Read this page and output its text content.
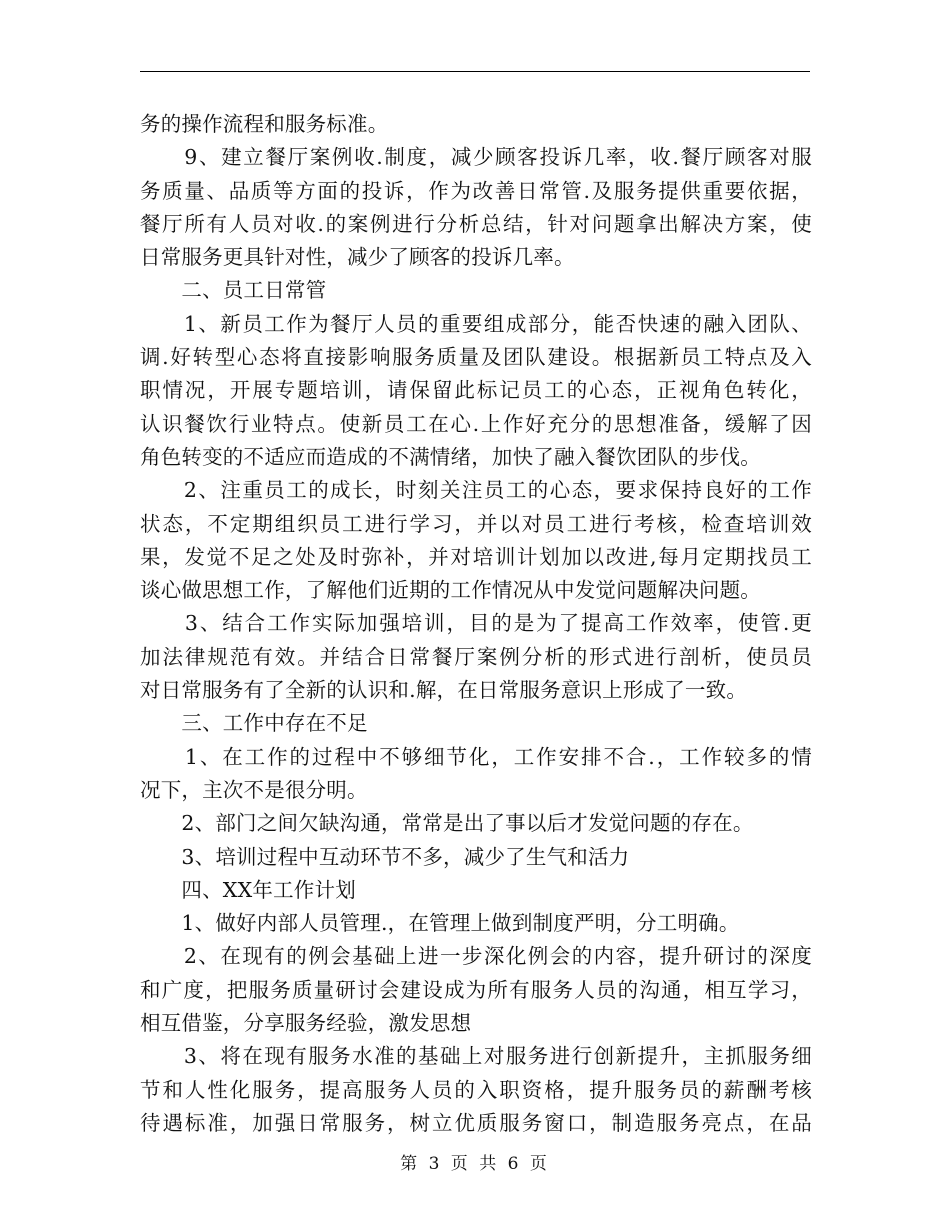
务的操作流程和服务标准。
　　9、建立餐厅案例收.制度，减少顾客投诉几率，收.餐厅顾客对服
务质量、品质等方面的投诉，作为改善日常管.及服务提供重要依据，
餐厅所有人员对收.的案例进行分析总结，针对问题拿出解决方案，使
日常服务更具针对性，减少了顾客的投诉几率。
　　二、员工日常管
　　1、新员工作为餐厅人员的重要组成部分，能否快速的融入团队、
调.好转型心态将直接影响服务质量及团队建设。根据新员工特点及入
职情况，开展专题培训，请保留此标记员工的心态，正视角色转化，
认识餐饮行业特点。使新员工在心.上作好充分的思想准备，缓解了因
角色转变的不适应而造成的不满情绪，加快了融入餐饮团队的步伐。
　　2、注重员工的成长，时刻关注员工的心态，要求保持良好的工作
状态，不定期组织员工进行学习，并以对员工进行考核，检查培训效
果，发觉不足之处及时弥补，并对培训计划加以改进,每月定期找员工
谈心做思想工作，了解他们近期的工作情况从中发觉问题解决问题。
　　3、结合工作实际加强培训，目的是为了提高工作效率，使管.更
加法律规范有效。并结合日常餐厅案例分析的形式进行剖析，使员员
对日常服务有了全新的认识和.解，在日常服务意识上形成了一致。
　　三、工作中存在不足
　　1、在工作的过程中不够细节化，工作安排不合.，工作较多的情
况下，主次不是很分明。
　　2、部门之间欠缺沟通，常常是出了事以后才发觉问题的存在。
　　3、培训过程中互动环节不多，减少了生气和活力
　　四、XX年工作计划
　　1、做好内部人员管理.，在管理上做到制度严明，分工明确。
　　2、在现有的例会基础上进一步深化例会的内容，提升研讨的深度
和广度，把服务质量研讨会建设成为所有服务人员的沟通，相互学习，
相互借鉴，分享服务经验，激发思想
　　3、将在现有服务水准的基础上对服务进行创新提升，主抓服务细
节和人性化服务，提高服务人员的入职资格，提升服务员的薪酬考核
待遇标准，加强日常服务，树立优质服务窗口，制造服务亮点，在品
第 3 页 共 6 页
